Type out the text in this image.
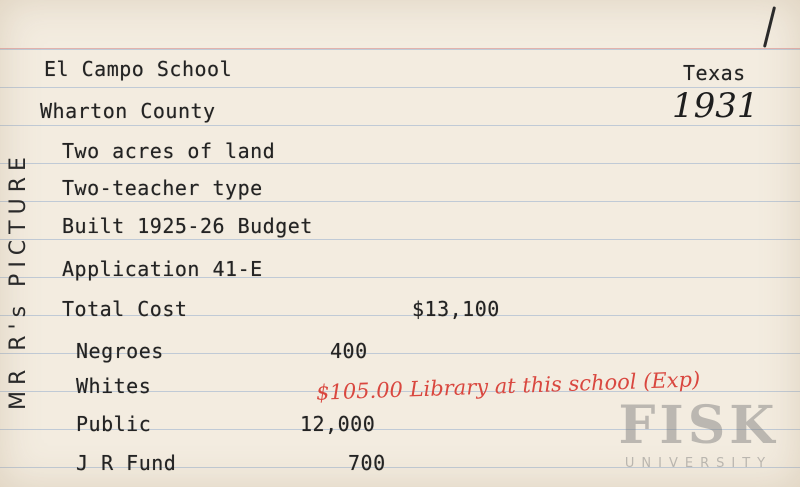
El Campo School	Texas
Wharton County	1931
Two acres of land
Two-teacher type
Built 1925-26 Budget
Application 41-E
Total Cost	$13,100
Negroes	400
Whites
Public	12,000
J R Fund	700
MR R's PICTURE	$105.00 Library at this school (Exp)
FISK
UNIVERSITY
